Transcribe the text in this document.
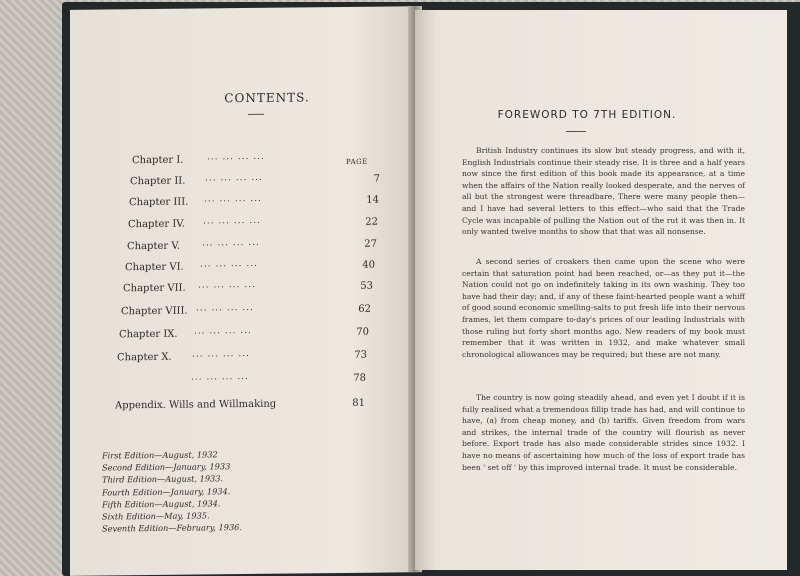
CONTENTS.
PAGE
Chapter I.	... ... ... ...
Chapter II. ... ... ... ...	7
Chapter III. ... ... ... ...	14
Chapter IV. ... ... ... ...	22
Chapter V. ... ... ... ...	27
Chapter VI. ... ... ... ...	40
Chapter VII. ... ... ... ...	53
Chapter VIII. ... ... ... ...	62
Chapter IX. ... ... ... ...	70
Chapter X. ... ... ... ...	73
... ... ... ...	78
Appendix. Wills and Willmaking	81
First Edition—August, 1932
Second Edition—January, 1933
Third Edition—August, 1933.
Fourth Edition—January, 1934.
Fifth Edition—August, 1934.
Sixth Edition—May, 1935.
Seventh Edition—February, 1936.
FOREWORD TO 7TH EDITION.
British Industry continues its slow but steady progress, and with it, English Industrials continue their steady rise. It is three and a half years now since the first edition of this book made its appearance, at a time when the affairs of the Nation really looked desperate, and the nerves of all but the strongest were threadbare. There were many people then—and I have had several letters to this effect—who said that the Trade Cycle was incapable of pulling the Nation out of the rut it was then in. It only wanted twelve months to show that that was all nonsense.
A second series of croakers then came upon the scene who were certain that saturation point had been reached, or—as they put it—the Nation could not go on indefinitely taking in its own washing. They too have had their day; and, if any of these faint-hearted people want a whiff of good sound economic smelling-salts to put fresh life into their nervous frames, let them compare to-day's prices of our leading Industrials with those ruling but forty short months ago. New readers of my book must remember that it was written in 1932, and make whatever small chronological allowances may be required; but these are not many.
The country is now going steadily ahead, and even yet I doubt if it is fully realised what a tremendous fillip trade has had, and will continue to have, (a) from cheap money, and (b) tariffs. Given freedom from wars and strikes, the internal trade of the country will flourish as never before. Export trade has also made considerable strides since 1932. I have no means of ascertaining how much of the loss of export trade has been ' set off ' by this improved internal trade. It must be considerable.
